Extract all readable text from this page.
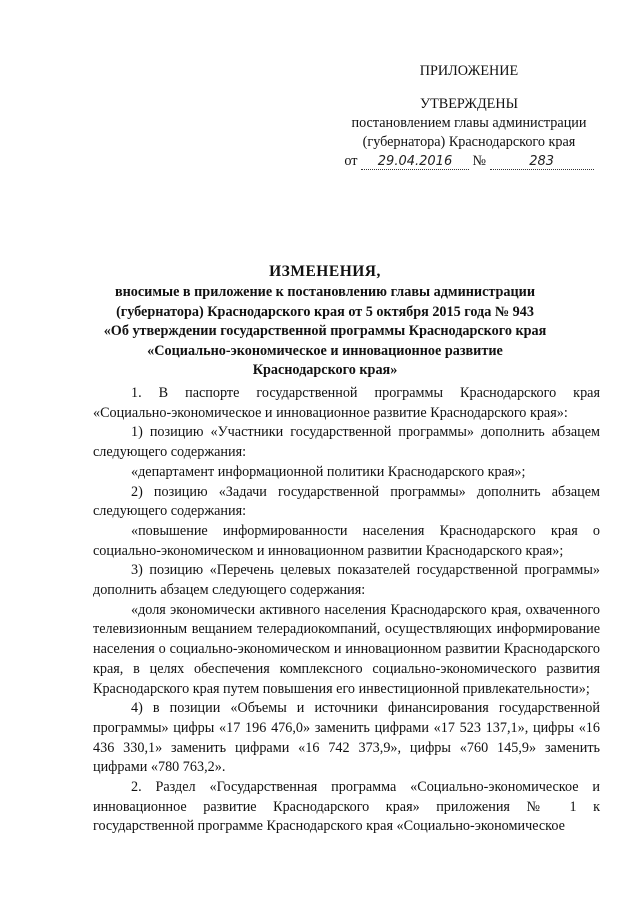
ПРИЛОЖЕНИЕ
УТВЕРЖДЕНЫ
постановлением главы администрации
(губернатора) Краснодарского края
от 29.04.2016 №	283
ИЗМЕНЕНИЯ,
вносимые в приложение к постановлению главы администрации
(губернатора) Краснодарского края от 5 октября 2015 года № 943
«Об утверждении государственной программы Краснодарского края
«Социально-экономическое и инновационное развитие
Краснодарского края»

1. В паспорте государственной программы Краснодарского края «Социально-экономическое и инновационное развитие Краснодарского края»:

1) позицию «Участники государственной программы» дополнить абзацем следующего содержания:

«департамент информационной политики Краснодарского края»;

2) позицию «Задачи государственной программы» дополнить абзацем следующего содержания:

«повышение информированности населения Краснодарского края о социально-экономическом и инновационном развитии Краснодарского края»;

3) позицию «Перечень целевых показателей государственной программы» дополнить абзацем следующего содержания:

«доля экономически активного населения Краснодарского края, охваченного телевизионным вещанием телерадиокомпаний, осуществляющих информирование населения о социально-экономическом и инновационном развитии Краснодарского края, в целях обеспечения комплексного социально-экономического развития Краснодарского края путем повышения его инвестиционной привлекательности»;

4) в позиции «Объемы и источники финансирования государственной программы» цифры «17 196 476,0» заменить цифрами «17 523 137,1», цифры «16 436 330,1» заменить цифрами «16 742 373,9», цифры «760 145,9» заменить цифрами «780 763,2».

2. Раздел «Государственная программа «Социально-экономическое и инновационное развитие Краснодарского края» приложения № 1 к государственной программе Краснодарского края «Социально-экономическое
